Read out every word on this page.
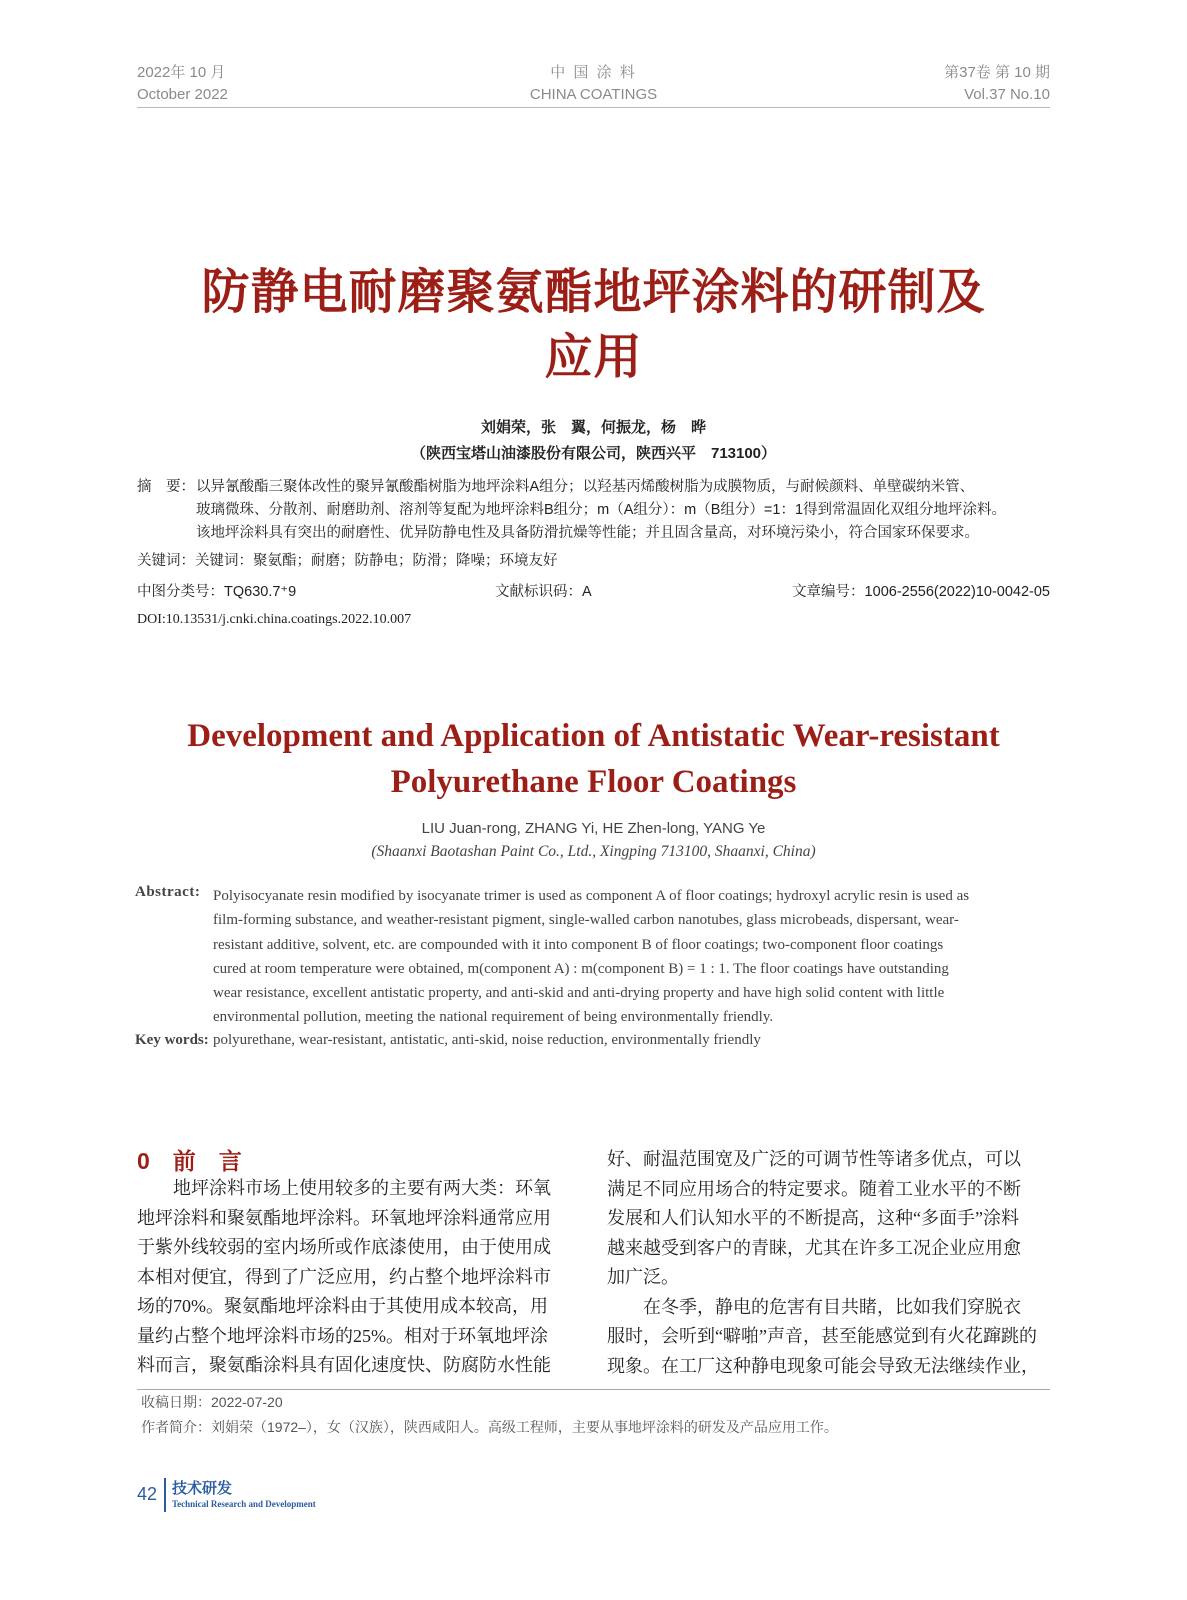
2022年 10 月
October 2022
中 国 涂 料
CHINA COATINGS
第37卷 第 10 期
Vol.37 No.10
防静电耐磨聚氨酯地坪涂料的研制及
应用
刘娟荣，张　翼，何振龙，杨　晔
（陕西宝塔山油漆股份有限公司，陕西兴平　713100）
摘　要： 以异氰酸酯三聚体改性的聚异氰酸酯树脂为地坪涂料A组分；以羟基丙烯酸树脂为成膜物质，与耐候颜料、单壁碳纳米管、
玻璃微珠、分散剂、耐磨助剂、溶剂等复配为地坪涂料B组分；m（A组分）：m（B组分）=1：1得到常温固化双组分地坪涂料。
该地坪涂料具有突出的耐磨性、优异防静电性及具备防滑抗燥等性能；并且固含量高，对环境污染小，符合国家环保要求。
关键词：关键词：聚氨酯；耐磨；防静电；防滑；降噪；环境友好
中图分类号：TQ630.7⁺9	文献标识码：A	文章编号：1006-2556(2022)10-0042-05
DOI:10.13531/j.cnki.china.coatings.2022.10.007
Development and Application of Antistatic Wear-resistant
Polyurethane Floor Coatings
LIU Juan-rong, ZHANG Yi, HE Zhen-long, YANG Ye
(Shaanxi Baotashan Paint Co., Ltd., Xingping 713100, Shaanxi, China)
Abstract: Polyisocyanate resin modified by isocyanate trimer is used as component A of floor coatings; hydroxyl acrylic resin is used as
film-forming substance, and weather-resistant pigment, single-walled carbon nanotubes, glass microbeads, dispersant, wear-
resistant additive, solvent, etc. are compounded with it into component B of floor coatings; two-component floor coatings
cured at room temperature were obtained, m(component A) : m(component B) = 1 : 1. The floor coatings have outstanding
wear resistance, excellent antistatic property, and anti-skid and anti-drying property and have high solid content with little
environmental pollution, meeting the national requirement of being environmentally friendly.
Key words: polyurethane, wear-resistant, antistatic, anti-skid, noise reduction, environmentally friendly
0　前　言
　　地坪涂料市场上使用较多的主要有两大类：环氧
地坪涂料和聚氨酯地坪涂料。环氧地坪涂料通常应用
于紫外线较弱的室内场所或作底漆使用，由于使用成
本相对便宜，得到了广泛应用，约占整个地坪涂料市
场的70%。聚氨酯地坪涂料由于其使用成本较高，用
量约占整个地坪涂料市场的25%。相对于环氧地坪涂
料而言，聚氨酯涂料具有固化速度快、防腐防水性能
好、耐温范围宽及广泛的可调节性等诸多优点，可以
满足不同应用场合的特定要求。随着工业水平的不断
发展和人们认知水平的不断提高，这种“多面手”涂料
越来越受到客户的青睐，尤其在许多工况企业应用愈
加广泛。
　　在冬季，静电的危害有目共睹，比如我们穿脱衣
服时，会听到“噼啪”声音，甚至能感觉到有火花蹿跳的
现象。在工厂这种静电现象可能会导致无法继续作业，
收稿日期：2022-07-20
作者简介：刘娟荣（1972–），女（汉族），陕西咸阳人。高级工程师，主要从事地坪涂料的研发及产品应用工作。
42 技术研发
Technical Research and Development
